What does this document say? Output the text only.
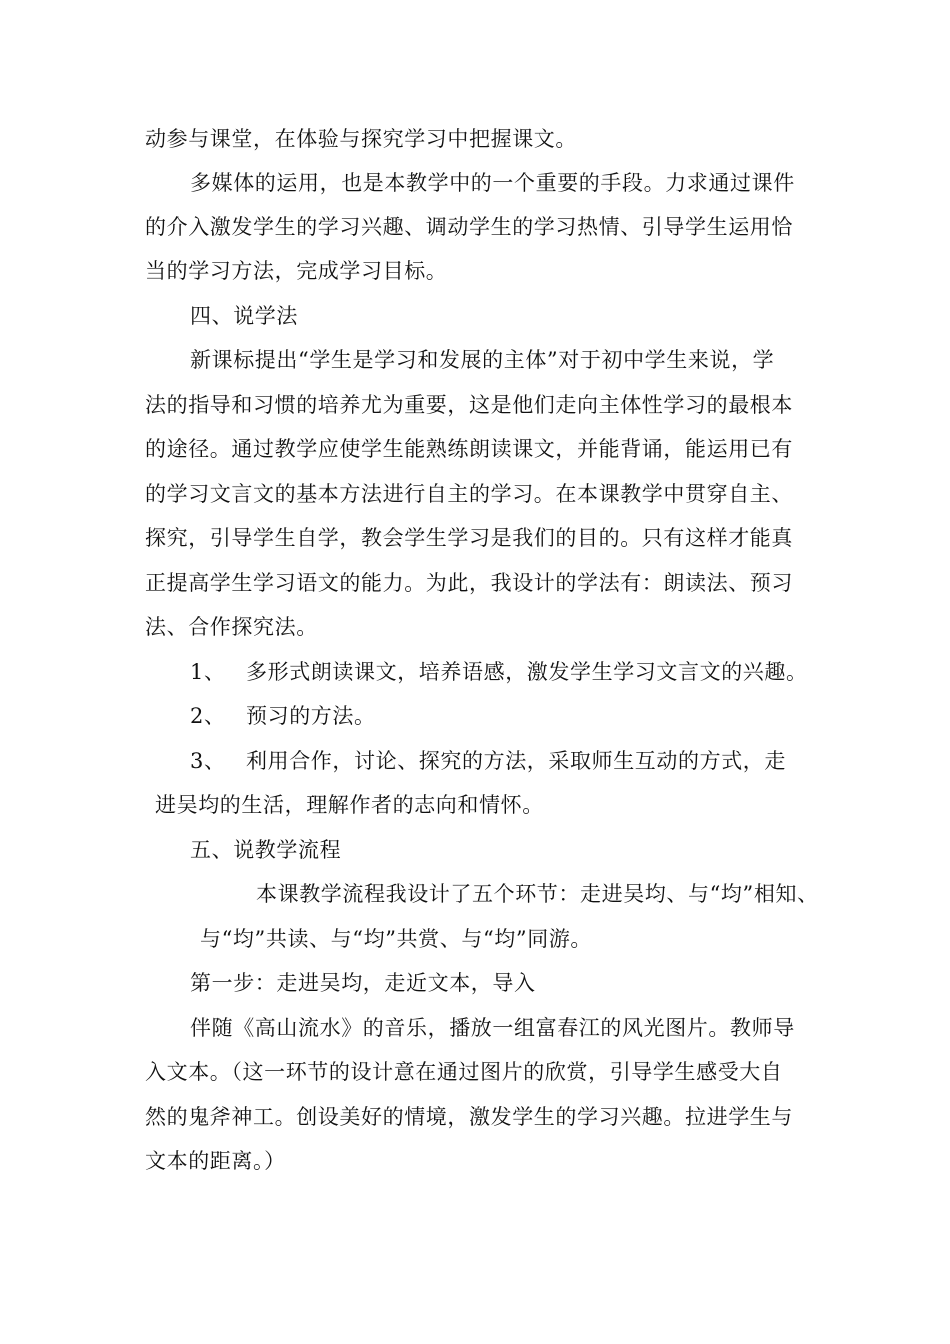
动参与课堂，在体验与探究学习中把握课文。
多媒体的运用，也是本教学中的一个重要的手段。力求通过课件
的介入激发学生的学习兴趣、调动学生的学习热情、引导学生运用恰
当的学习方法，完成学习目标。
四、说学法
新课标提出“学生是学习和发展的主体”对于初中学生来说，学
法的指导和习惯的培养尤为重要，这是他们走向主体性学习的最根本
的途径。通过教学应使学生能熟练朗读课文，并能背诵，能运用已有
的学习文言文的基本方法进行自主的学习。在本课教学中贯穿自主、
探究，引导学生自学，教会学生学习是我们的目的。只有这样才能真
正提高学生学习语文的能力。为此，我设计的学法有：朗读法、预习
法、合作探究法。
1、 多形式朗读课文，培养语感，激发学生学习文言文的兴趣。
2、 预习的方法。
3、 利用合作，讨论、探究的方法，采取师生互动的方式，走
进吴均的生活，理解作者的志向和情怀。
五、说教学流程
本课教学流程我设计了五个环节：走进吴均、与“均”相知、
与“均”共读、与“均”共赏、与“均”同游。
第一步：走进吴均，走近文本，导入
伴随《高山流水》的音乐，播放一组富春江的风光图片。教师导
入文本。（这一环节的设计意在通过图片的欣赏，引导学生感受大自
然的鬼斧神工。创设美好的情境，激发学生的学习兴趣。拉进学生与
文本的距离。）
